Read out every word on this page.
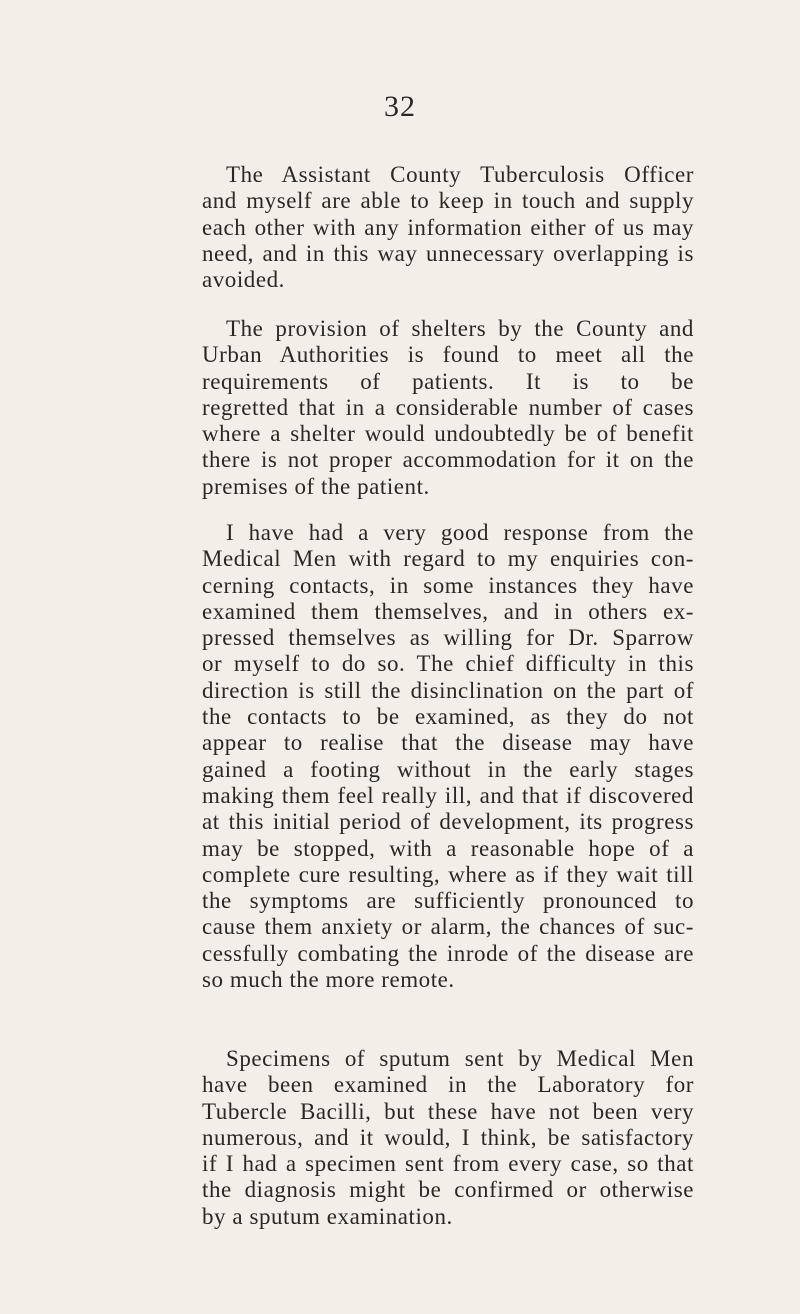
32
The Assistant County Tuberculosis Officer
and myself are able to keep in touch and supply
each other with any information either of us may
need, and in this way unnecessary overlapping is
avoided.
The provision of shelters by the County and
Urban Authorities is found to meet all the
requirements of patients. It is to be
regretted that in a considerable number of cases
where a shelter would undoubtedly be of benefit
there is not proper accommodation for it on the
premises of the patient.
I have had a very good response from the
Medical Men with regard to my enquiries con-
cerning contacts, in some instances they have
examined them themselves, and in others ex-
pressed themselves as willing for Dr. Sparrow
or myself to do so. The chief difficulty in this
direction is still the disinclination on the part of
the contacts to be examined, as they do not
appear to realise that the disease may have
gained a footing without in the early stages
making them feel really ill, and that if discovered
at this initial period of development, its progress
may be stopped, with a reasonable hope of a
complete cure resulting, where as if they wait till
the symptoms are sufficiently pronounced to
cause them anxiety or alarm, the chances of suc-
cessfully combating the inrode of the disease are
so much the more remote.
Specimens of sputum sent by Medical Men
have been examined in the Laboratory for
Tubercle Bacilli, but these have not been very
numerous, and it would, I think, be satisfactory
if I had a specimen sent from every case, so that
the diagnosis might be confirmed or otherwise
by a sputum examination.
